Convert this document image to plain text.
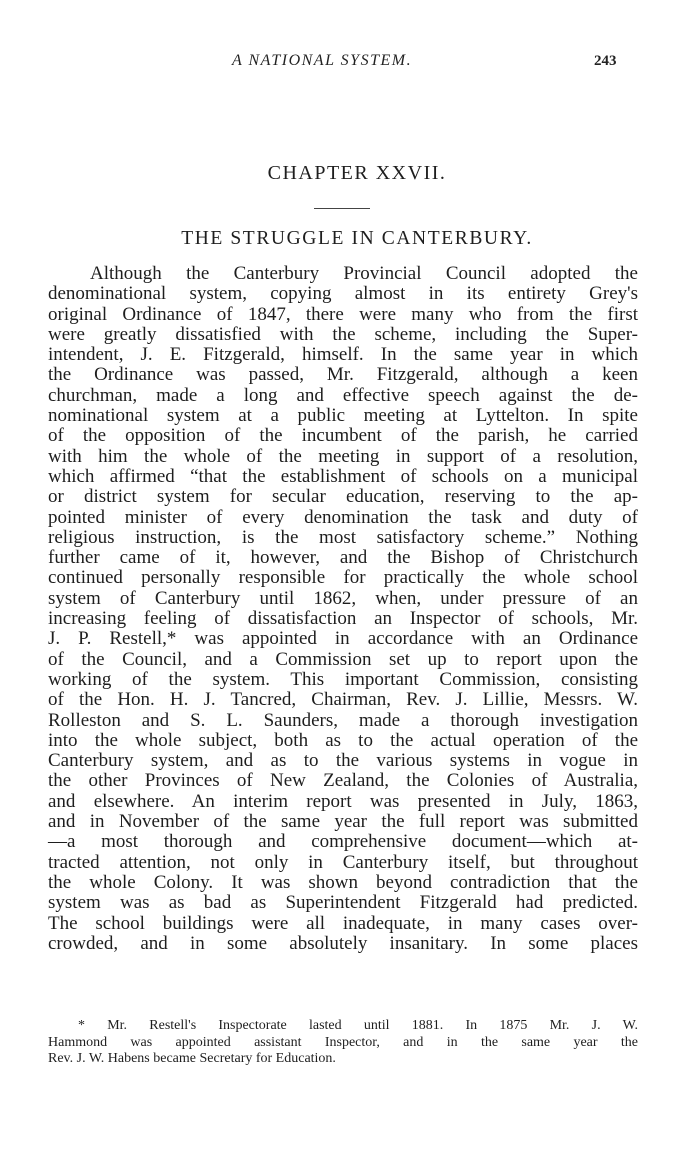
A NATIONAL SYSTEM.	243
CHAPTER XXVII.
THE STRUGGLE IN CANTERBURY.
Although the Canterbury Provincial Council adopted the
denominational system, copying almost in its entirety Grey's
original Ordinance of 1847, there were many who from the first
were greatly dissatisfied with the scheme, including the Super-
intendent, J. E. Fitzgerald, himself. In the same year in which
the Ordinance was passed, Mr. Fitzgerald, although a keen
churchman, made a long and effective speech against the de-
nominational system at a public meeting at Lyttelton. In spite
of the opposition of the incumbent of the parish, he carried
with him the whole of the meeting in support of a resolution,
which affirmed “that the establishment of schools on a municipal
or district system for secular education, reserving to the ap-
pointed minister of every denomination the task and duty of
religious instruction, is the most satisfactory scheme.” Nothing
further came of it, however, and the Bishop of Christchurch
continued personally responsible for practically the whole school
system of Canterbury until 1862, when, under pressure of an
increasing feeling of dissatisfaction an Inspector of schools, Mr.
J. P. Restell,* was appointed in accordance with an Ordinance
of the Council, and a Commission set up to report upon the
working of the system. This important Commission, consisting
of the Hon. H. J. Tancred, Chairman, Rev. J. Lillie, Messrs. W.
Rolleston and S. L. Saunders, made a thorough investigation
into the whole subject, both as to the actual operation of the
Canterbury system, and as to the various systems in vogue in
the other Provinces of New Zealand, the Colonies of Australia,
and elsewhere. An interim report was presented in July, 1863,
and in November of the same year the full report was submitted
—a most thorough and comprehensive document—which at-
tracted attention, not only in Canterbury itself, but throughout
the whole Colony. It was shown beyond contradiction that the
system was as bad as Superintendent Fitzgerald had predicted.
The school buildings were all inadequate, in many cases over-
crowded, and in some absolutely insanitary. In some places
* Mr. Restell's Inspectorate lasted until 1881. In 1875 Mr. J. W.
Hammond was appointed assistant Inspector, and in the same year the
Rev. J. W. Habens became Secretary for Education.
